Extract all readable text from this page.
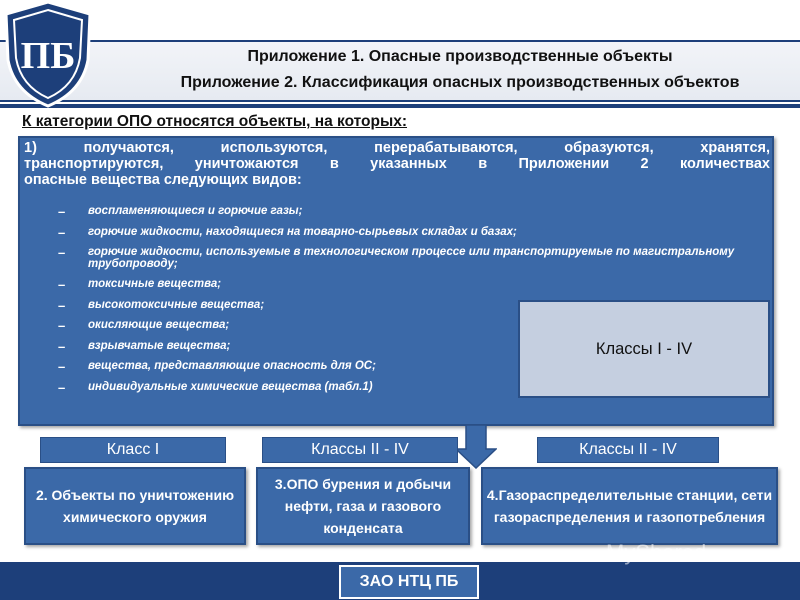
Приложение 1. Опасные производственные объекты
Приложение 2. Классификация опасных производственных объектов
ПБ
К категории ОПО относятся объекты, на которых:
1) получаются, используются, перерабатываются, образуются, хранятся,
транспортируются, уничтожаются в указанных в Приложении 2 количествах
опасные вещества следующих видов:
– воспламеняющиеся и горючие газы;
– горючие жидкости, находящиеся на товарно-сырьевых складах и базах;
– горючие жидкости, используемые в технологическом процессе или транспортируемые по магистральному трубопроводу;
– токсичные вещества;
– высокотоксичные вещества;
– окисляющие вещества;
– взрывчатые вещества;
– вещества, представляющие опасность для ОС;
– индивидуальные химические вещества (табл.1)
Классы I - IV
Класс I	Классы II - IV	Классы II - IV
2. Объекты по уничтожению химического оружия
3.ОПО бурения и добычи нефти, газа и газового конденсата
4.Газораспределительные станции, сети газораспределения и газопотребления
ЗАО НТЦ ПБ
MyShared
